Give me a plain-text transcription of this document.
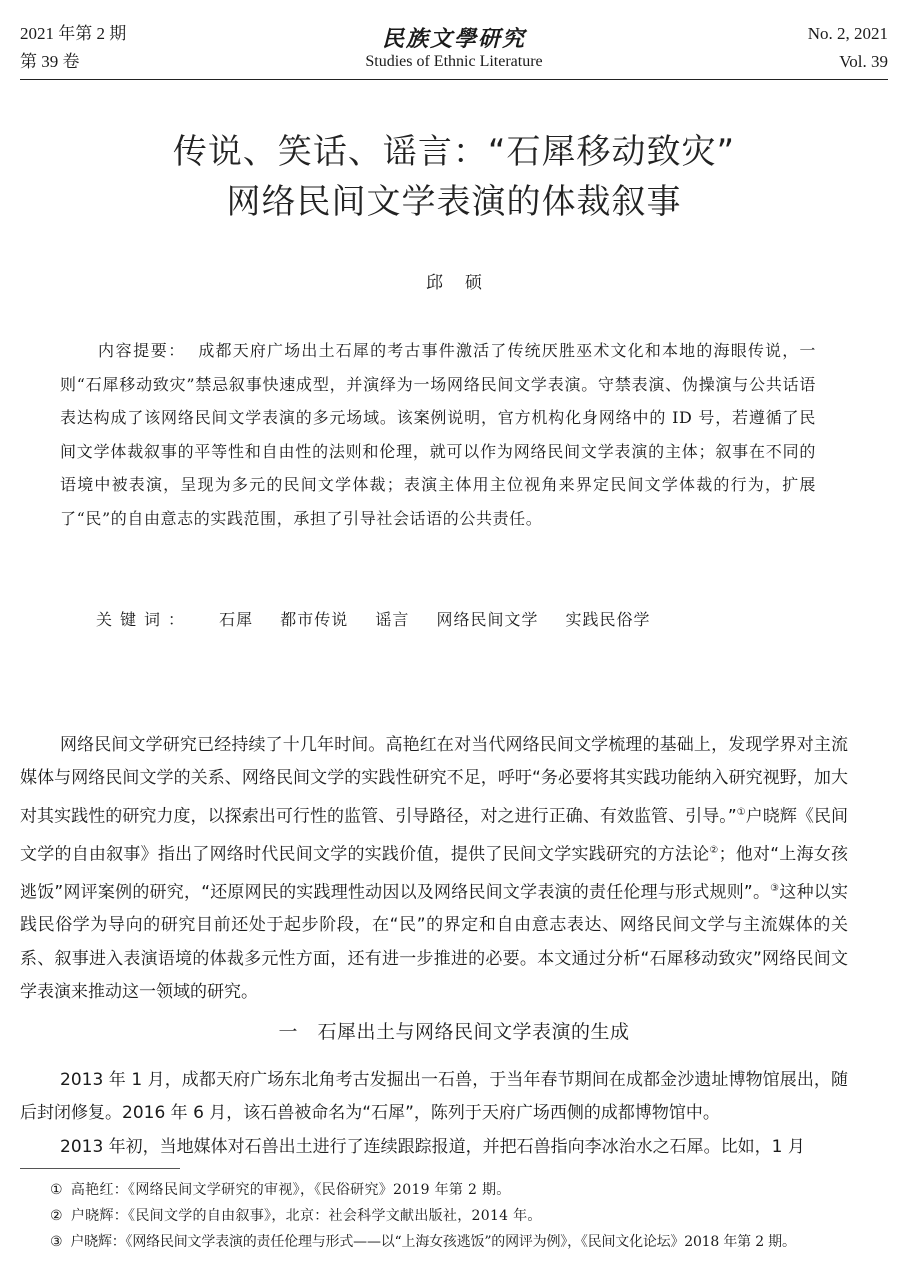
2021 年第 2 期
第 39 卷
民族文學研究
Studies of Ethnic Literature
No. 2, 2021
Vol. 39
传说、笑话、谣言：“石犀移动致灾”
网络民间文学表演的体裁叙事
邱硕
内容提要： 成都天府广场出土石犀的考古事件激活了传统厌胜巫术文化和本地的海眼传说，一则“石犀移动致灾”禁忌叙事快速成型，并演绎为一场网络民间文学表演。守禁表演、伪操演与公共话语表达构成了该网络民间文学表演的多元场域。该案例说明，官方机构化身网络中的 ID 号，若遵循了民间文学体裁叙事的平等性和自由性的法则和伦理，就可以作为网络民间文学表演的主体；叙事在不同的语境中被表演，呈现为多元的民间文学体裁；表演主体用主位视角来界定民间文学体裁的行为，扩展了“民”的自由意志的实践范围，承担了引导社会话语的公共责任。
关键词： 石犀 都市传说 谣言 网络民间文学 实践民俗学
网络民间文学研究已经持续了十几年时间。高艳红在对当代网络民间文学梳理的基础上，发现学界对主流媒体与网络民间文学的关系、网络民间文学的实践性研究不足，呼吁“务必要将其实践功能纳入研究视野，加大对其实践性的研究力度，以探索出可行性的监管、引导路径，对之进行正确、有效监管、引导。”①户晓辉《民间文学的自由叙事》指出了网络时代民间文学的实践价值，提供了民间文学实践研究的方法论②；他对“上海女孩逃饭”网评案例的研究，“还原网民的实践理性动因以及网络民间文学表演的责任伦理与形式规则”。③这种以实践民俗学为导向的研究目前还处于起步阶段，在“民”的界定和自由意志表达、网络民间文学与主流媒体的关系、叙事进入表演语境的体裁多元性方面，还有进一步推进的必要。本文通过分析“石犀移动致灾”网络民间文学表演来推动这一领域的研究。
一　石犀出土与网络民间文学表演的生成
2013 年 1 月，成都天府广场东北角考古发掘出一石兽，于当年春节期间在成都金沙遗址博物馆展出，随后封闭修复。2016 年 6 月，该石兽被命名为“石犀”，陈列于天府广场西侧的成都博物馆中。
2013 年初，当地媒体对石兽出土进行了连续跟踪报道，并把石兽指向李冰治水之石犀。比如，1 月
① 高艳红：《网络民间文学研究的审视》，《民俗研究》2019 年第 2 期。
② 户晓辉：《民间文学的自由叙事》，北京：社会科学文献出版社，2014 年。
③ 户晓辉：《网络民间文学表演的责任伦理与形式——以“上海女孩逃饭”的网评为例》，《民间文化论坛》2018 年第 2 期。
